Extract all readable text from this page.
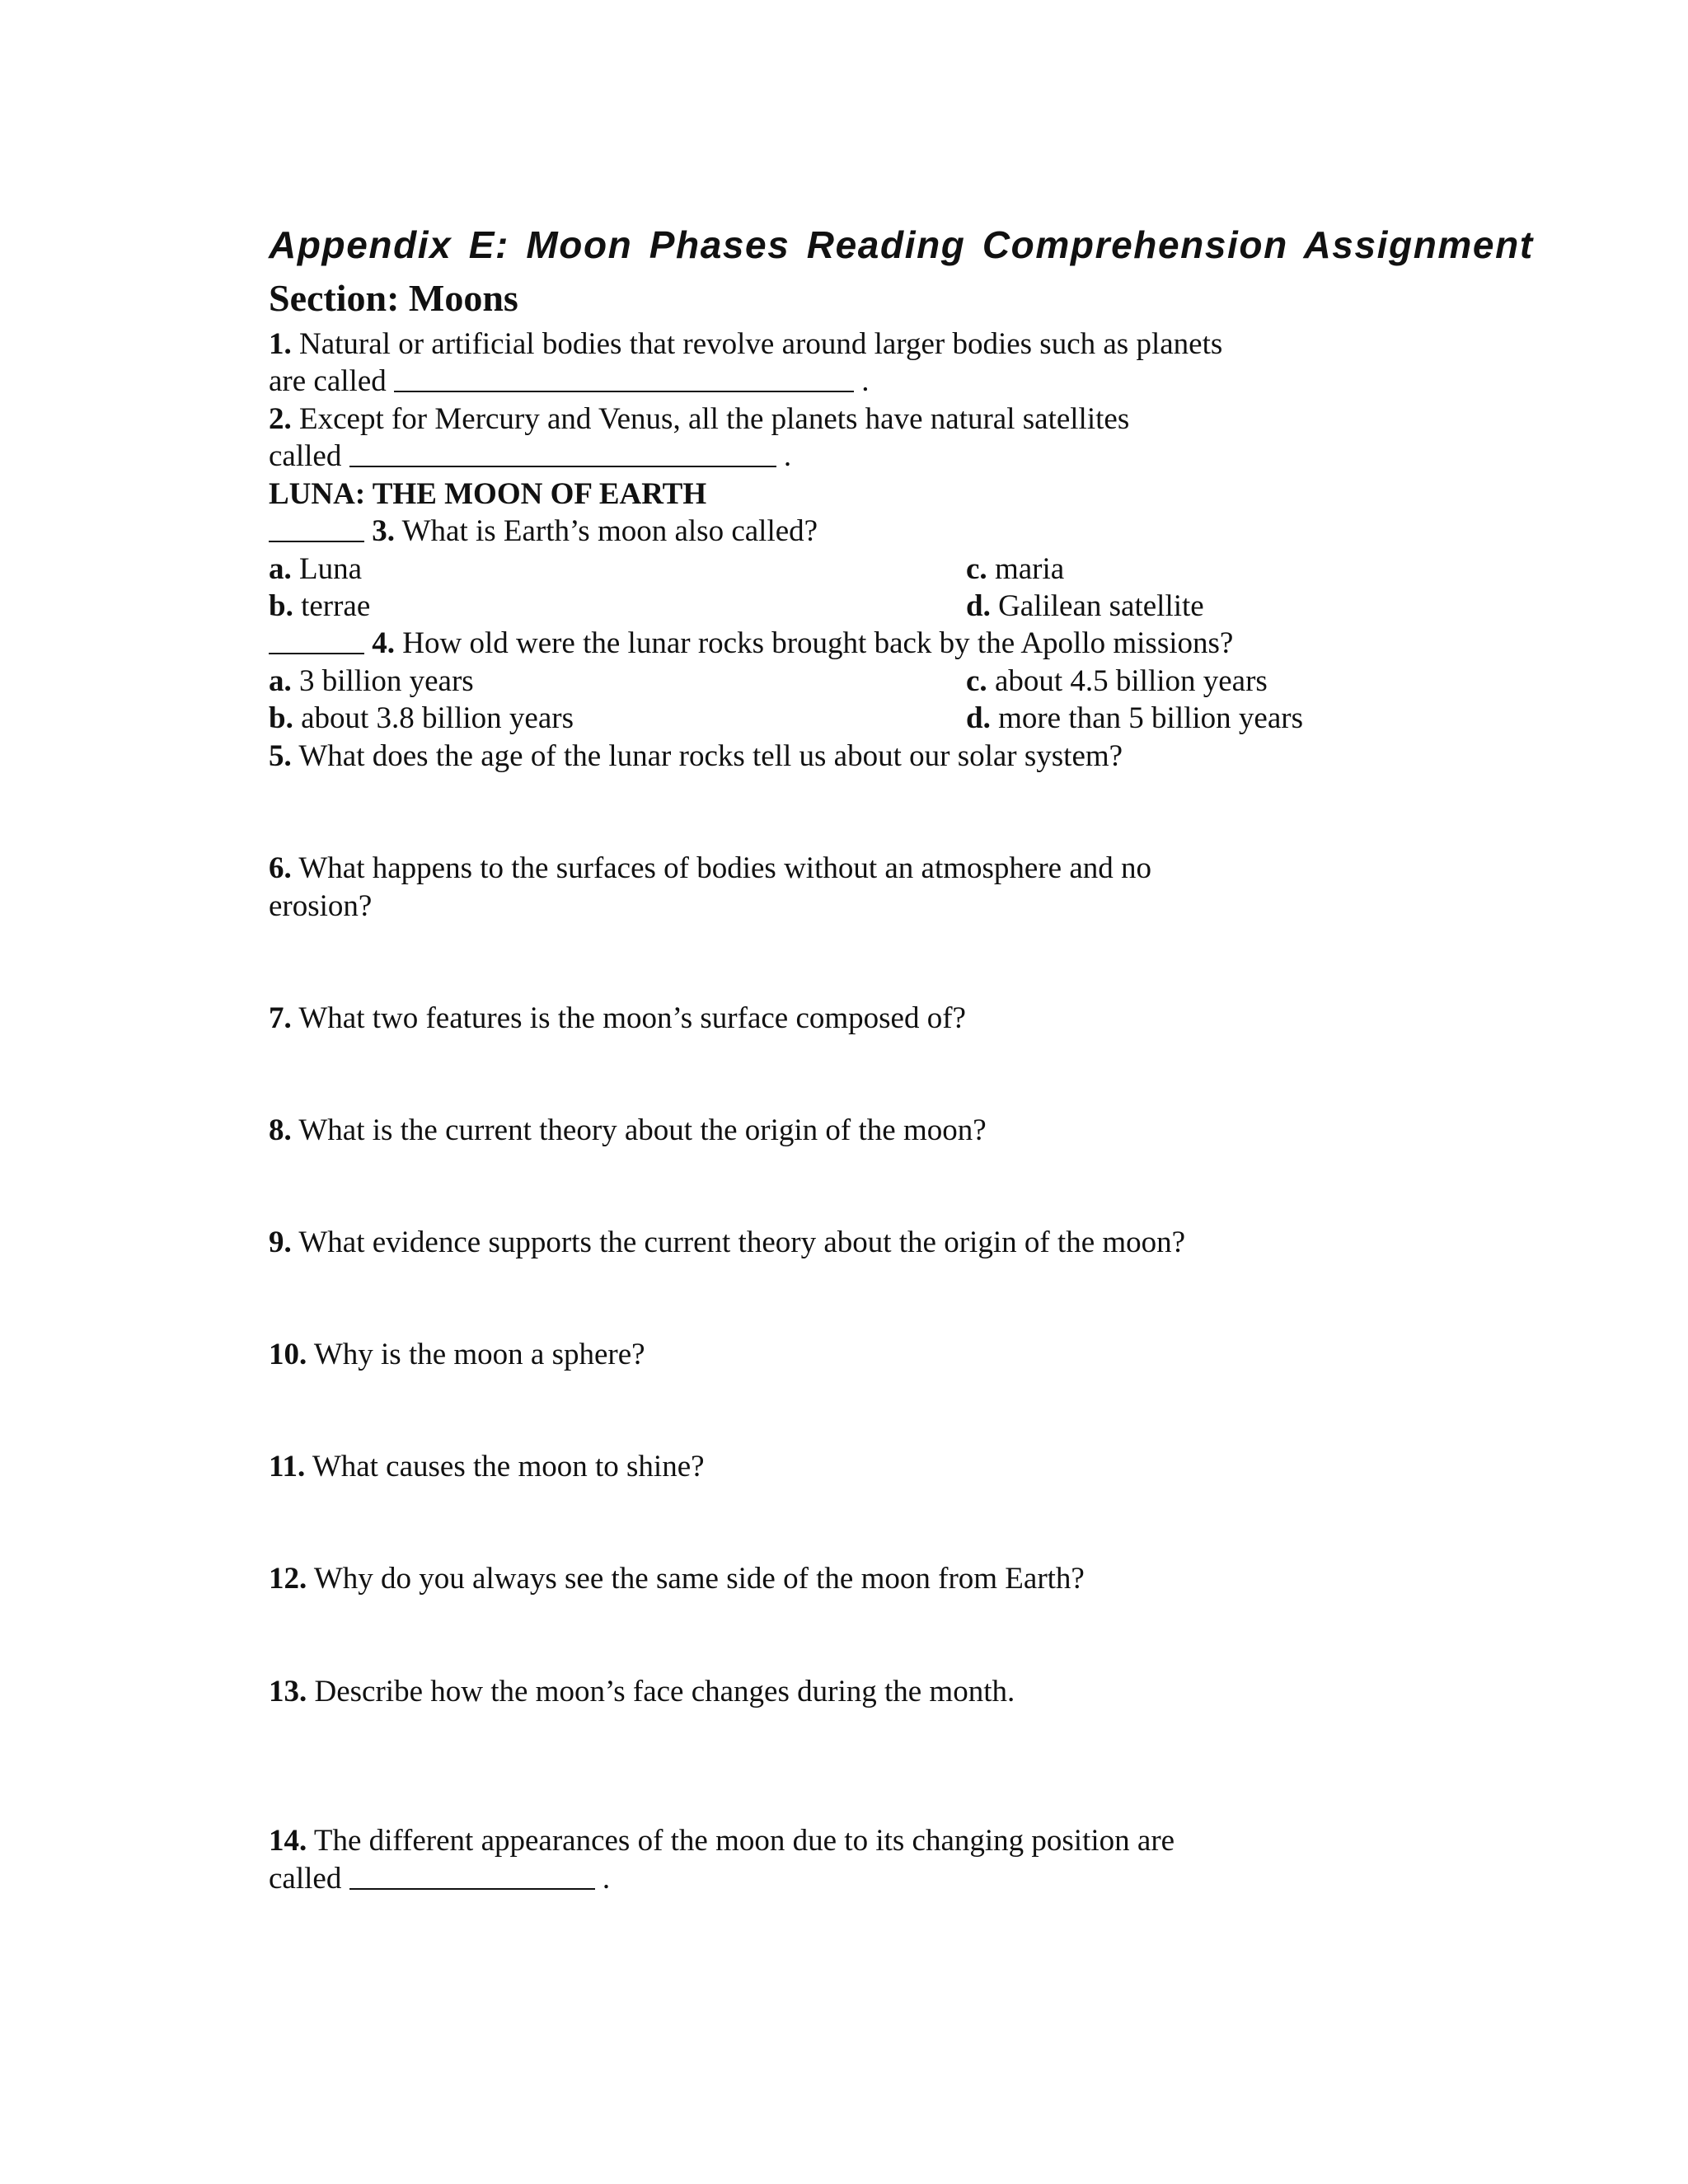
Appendix E: Moon Phases Reading Comprehension Assignment
Section: Moons
1. Natural or artificial bodies that revolve around larger bodies such as planets
are called	.
2. Except for Mercury and Venus, all the planets have natural satellites
called	.
LUNA: THE MOON OF EARTH
3. What is Earth’s moon also called?
a. Luna	c. maria
b. terrae	d. Galilean satellite
4. How old were the lunar rocks brought back by the Apollo missions?
a. 3 billion years	c. about 4.5 billion years
b. about 3.8 billion years	d. more than 5 billion years
5. What does the age of the lunar rocks tell us about our solar system?
6. What happens to the surfaces of bodies without an atmosphere and no
erosion?
7. What two features is the moon’s surface composed of?
8. What is the current theory about the origin of the moon?
9. What evidence supports the current theory about the origin of the moon?
10. Why is the moon a sphere?
11. What causes the moon to shine?
12. Why do you always see the same side of the moon from Earth?
13. Describe how the moon’s face changes during the month.
14. The different appearances of the moon due to its changing position are
called	.
